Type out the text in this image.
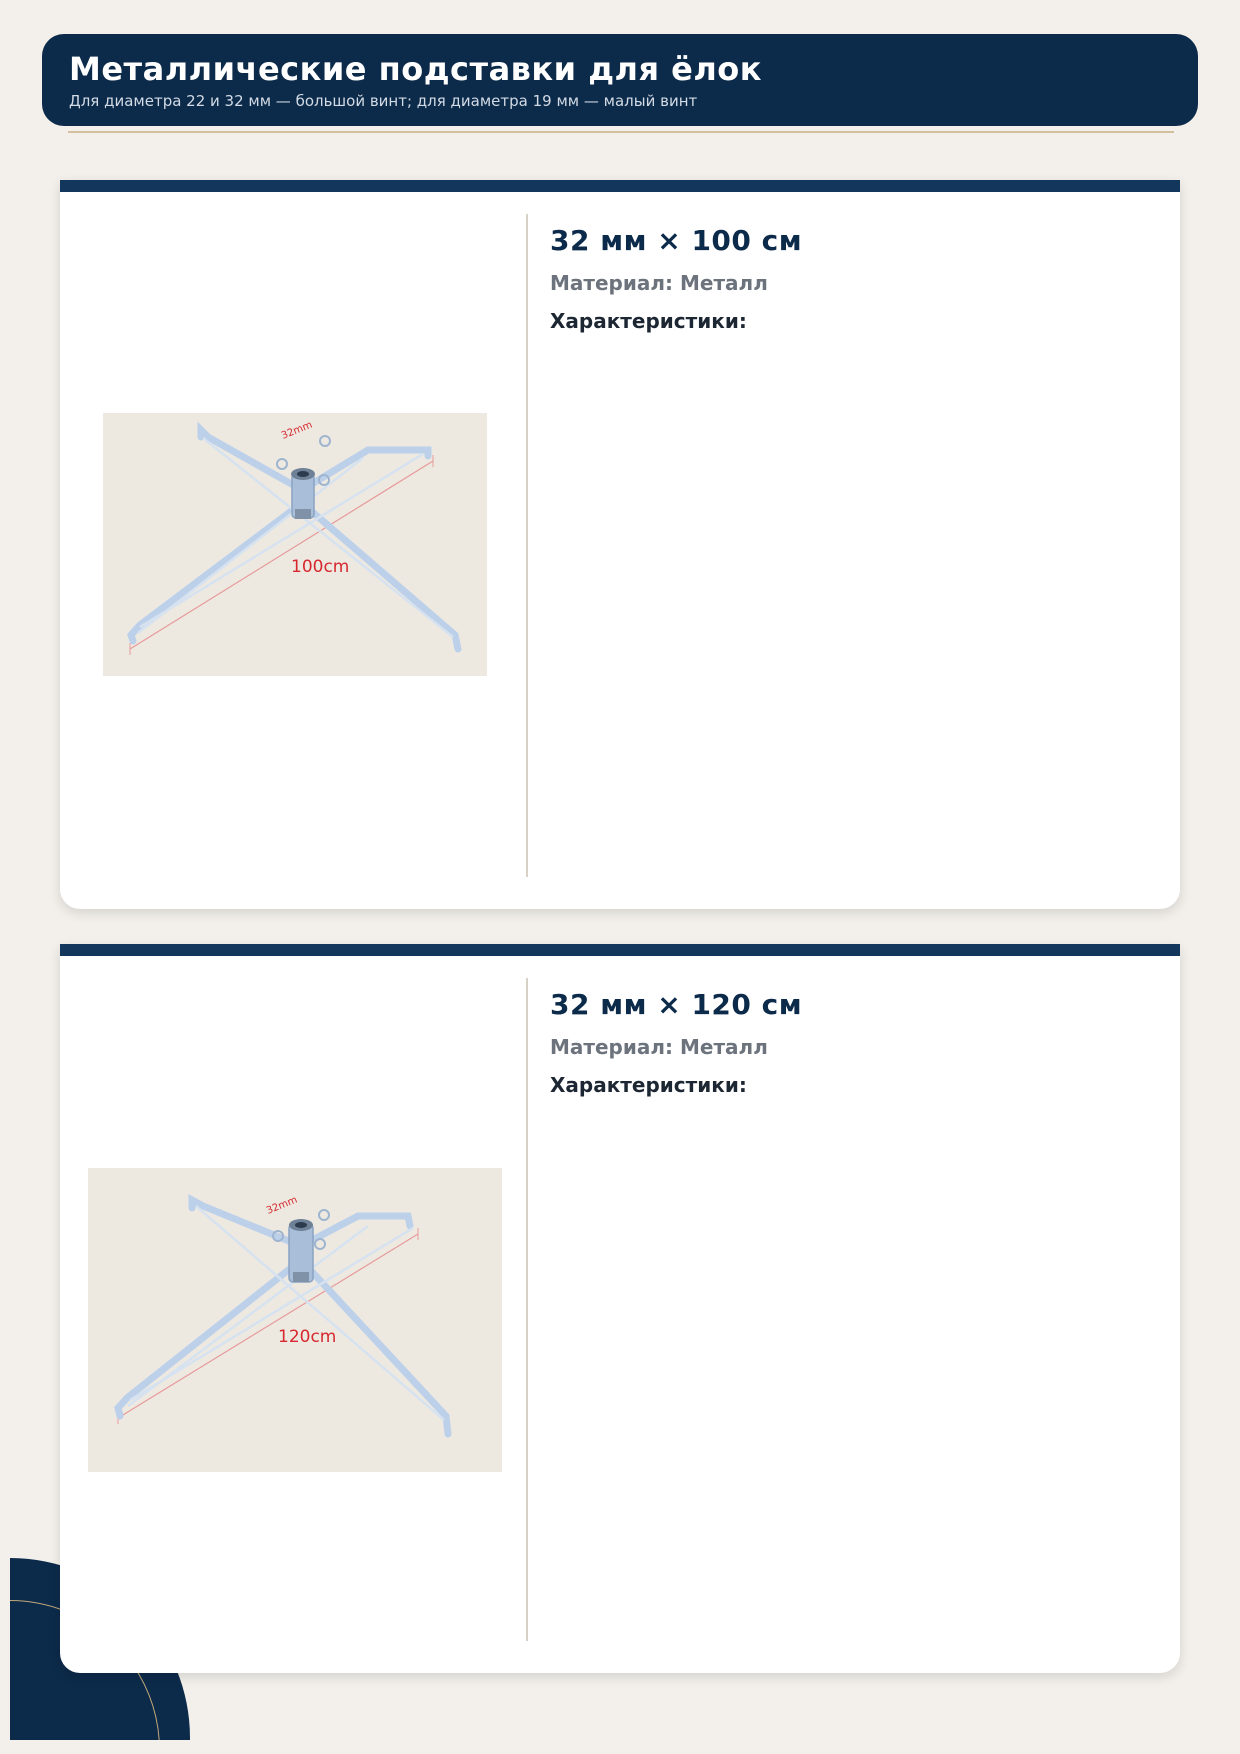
Металлические подставки для ёлок
Для диаметра 22 и 32 мм — большой винт; для диаметра 19 мм — малый винт
32mm
100cm
32 мм × 100 см
Материал: Металл
Характеристики:
32mm
120cm
32 мм × 120 см
Материал: Металл
Характеристики:
